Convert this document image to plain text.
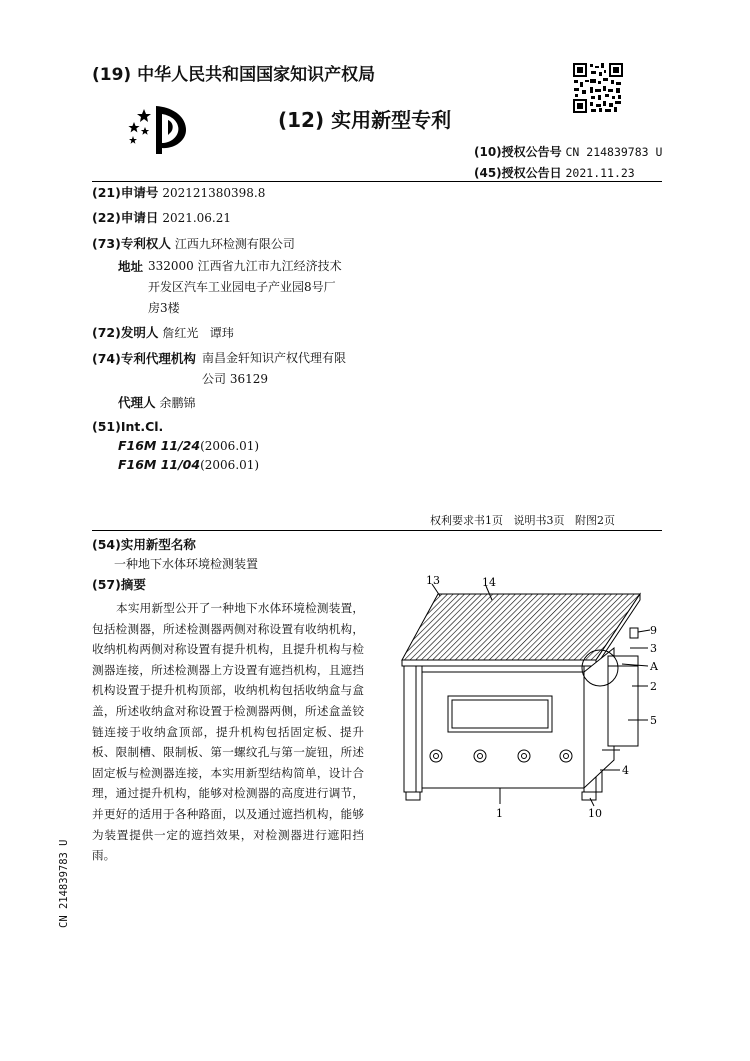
(19) 中华人民共和国国家知识产权局
(12) 实用新型专利
(10)授权公告号 CN 214839783 U
(45)授权公告日 2021.11.23
(21)申请号 202121380398.8
(22)申请日 2021.06.21
(73)专利权人 江西九环检测有限公司
地址 332000 江西省九江市九江经济技术
开发区汽车工业园电子产业园8号厂
房3楼
(72)发明人 詹红光   谭玮
(74)专利代理机构 南昌金轩知识产权代理有限
公司 36129
代理人 余鹏锦
(51)Int.Cl.
F16M 11/24(2006.01)
F16M 11/04(2006.01)
权利要求书1页   说明书3页   附图2页
(54)实用新型名称
一种地下水体环境检测装置
(57)摘要
本实用新型公开了一种地下水体环境检测装置，包括检测器，所述检测器两侧对称设置有收纳机构，收纳机构两侧对称设置有提升机构，且提升机构与检测器连接，所述检测器上方设置有遮挡机构，且遮挡机构设置于提升机构顶部，收纳机构包括收纳盒与盒盖，所述收纳盒对称设置于检测器两侧，所述盒盖铰链连接于收纳盒顶部，提升机构包括固定板、提升板、限制槽、限制板、第一螺纹孔与第一旋钮，所述固定板与检测器连接，本实用新型结构简单，设计合理，通过提升机构，能够对检测器的高度进行调节，并更好的适用于各种路面，以及通过遮挡机构，能够为装置提供一定的遮挡效果，对检测器进行遮阳挡雨。
CN 214839783 U
13	14
9
3
A
2
5
4
1	10
